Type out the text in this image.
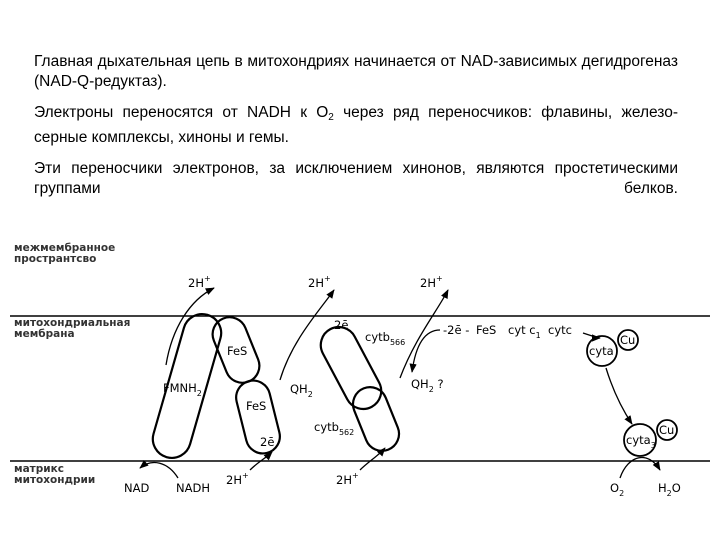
Главная дыхательная цепь в митохондриях начинается от NAD-зависимых дегидрогеназ (NAD-Q-редуктаз).

Электроны переносятся от NADH к $O_2$ через ряд переносчиков: флавины, железо-серные комплексы, хиноны и гемы.

Эти переносчики электронов, за исключением хинонов, являются простетическими группами белков.

межмембранное
пространтсво
митохондриальная
мембрана
матрикс
митохондрии
2H+	2H+	2H+
$FMNH_2$
FeS
FeS
2ē
2ē
$QH_2$
cytb$_{566}$
cytb$_{562}$
$QH_2$ ?
-2ē - FeS cyt $c_1$ cytc
cyta
Cu
cyta$_3$
Cu
NAD NADH
2H+	2H+
$O_2$	$H_2O$
